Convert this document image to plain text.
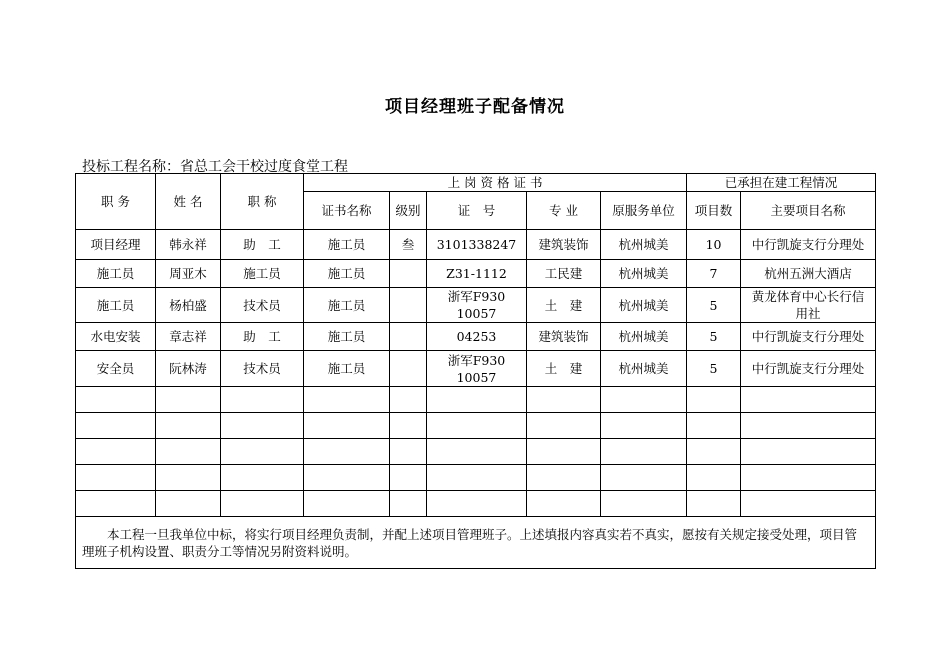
项目经理班子配备情况
投标工程名称：省总工会干校过度食堂工程
职 务	姓 名	职 称	上 岗 资 格 证 书					已承担在建工程情况	
			证书名称	级别	证　号	专 业	原服务单位	项目数	主要项目名称
项目经理	韩永祥	助　工	施工员	叁	3101338247	建筑装饰	杭州城美	10	中行凯旋支行分理处
施工员	周亚木	施工员	施工员		Z31-1112	工民建	杭州城美	7	杭州五洲大酒店
施工员	杨柏盛	技术员	施工员		浙军F93010057	土　建	杭州城美	5	黄龙体育中心长行信用社
水电安装	章志祥	助　工	施工员		04253	建筑装饰	杭州城美	5	中行凯旋支行分理处
安全员	阮林涛	技术员	施工员		浙军F93010057	土　建	杭州城美	5	中行凯旋支行分理处

本工程一旦我单位中标，将实行项目经理负责制，并配上述项目管理班子。上述填报内容真实若不真实，愿按有关规定接受处理，项目管理班子机构设置、职责分工等情况另附资料说明。									
